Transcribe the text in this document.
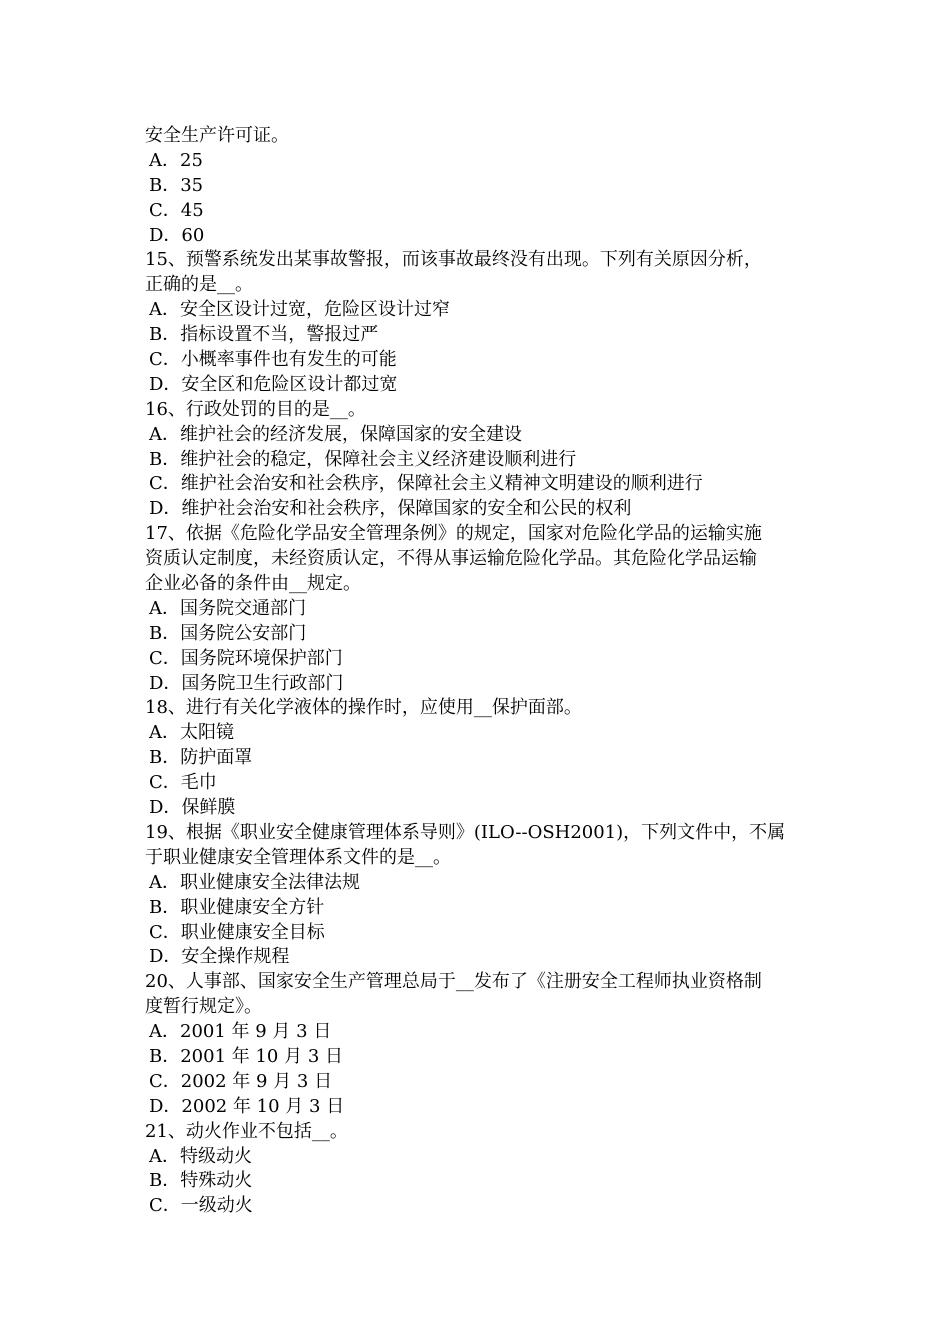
安全生产许可证。
A．25
B．35
C．45
D．60
15、预警系统发出某事故警报，而该事故最终没有出现。下列有关原因分析，
正确的是__。
A．安全区设计过宽，危险区设计过窄
B．指标设置不当，警报过严
C．小概率事件也有发生的可能
D．安全区和危险区设计都过宽
16、行政处罚的目的是__。
A．维护社会的经济发展，保障国家的安全建设
B．维护社会的稳定，保障社会主义经济建设顺利进行
C．维护社会治安和社会秩序，保障社会主义精神文明建设的顺利进行
D．维护社会治安和社会秩序，保障国家的安全和公民的权利
17、依据《危险化学品安全管理条例》的规定，国家对危险化学品的运输实施
资质认定制度，未经资质认定，不得从事运输危险化学品。其危险化学品运输
企业必备的条件由__规定。
A．国务院交通部门
B．国务院公安部门
C．国务院环境保护部门
D．国务院卫生行政部门
18、进行有关化学液体的操作时，应使用__保护面部。
A．太阳镜
B．防护面罩
C．毛巾
D．保鲜膜
19、根据《职业安全健康管理体系导则》(ILO--OSH2001)，下列文件中，不属
于职业健康安全管理体系文件的是__。
A．职业健康安全法律法规
B．职业健康安全方针
C．职业健康安全目标
D．安全操作规程
20、人事部、国家安全生产管理总局于__发布了《注册安全工程师执业资格制
度暂行规定》。
A．2001 年 9 月 3 日
B．2001 年 10 月 3 日
C．2002 年 9 月 3 日
D．2002 年 10 月 3 日
21、动火作业不包括__。
A．特级动火
B．特殊动火
C．一级动火
